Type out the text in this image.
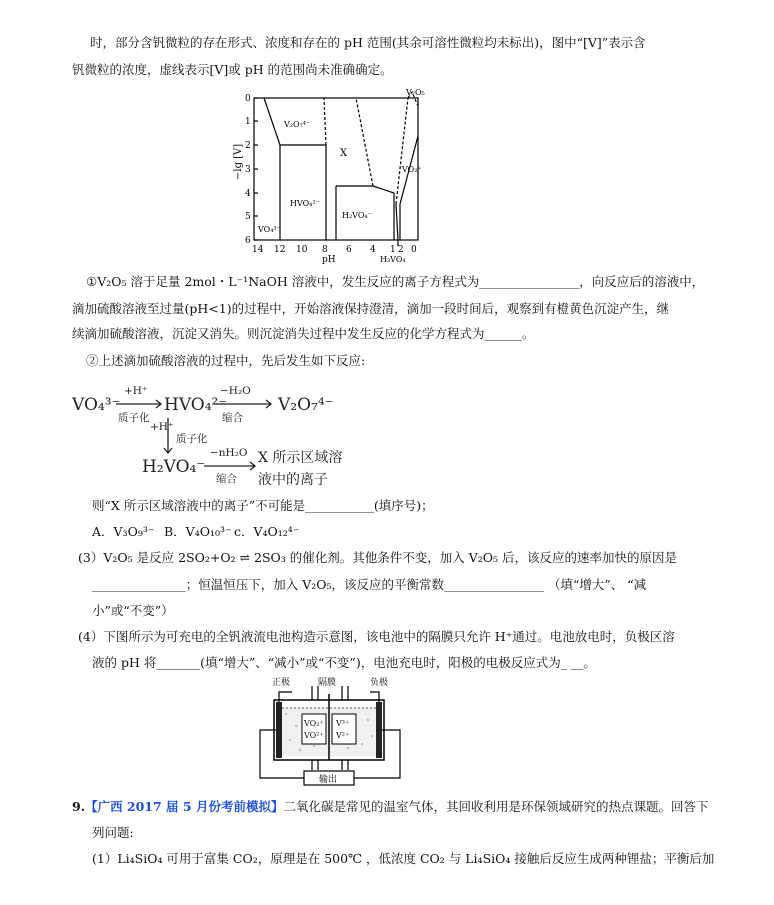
时，部分含钒微粒的存在形式、浓度和存在的 pH 范围(其余可溶性微粒均未标出)，图中“[V]”表示含
钒微粒的浓度，虚线表示[V]或 pH 的范围尚未准确确定。
−lg [V]
0
1
2
3
4
5
6
14 12 10 8 6 4 1 2 0
pH
V₂O₅
V₂O₇⁴⁻
X
VO₂⁺
HVO₄²⁻
H₂VO₄⁻
VO₄³⁻
H₃VO₄
①V₂O₅ 溶于足量 2mol・L⁻¹NaOH 溶液中，发生反应的离子方程式为________________，向反应后的溶液中，
滴加硫酸溶液至过量(pH<1)的过程中，开始溶液保持澄清，滴加一段时间后，观察到有橙黄色沉淀产生，继
续滴加硫酸溶液，沉淀又消失。则沉淀消失过程中发生反应的化学方程式为______。
②上述滴加硫酸溶液的过程中，先后发生如下反应:
VO₄³⁻	HVO₄²⁻	V₂O₇⁴⁻
H₂VO₄⁻
+H⁺
质子化
−H₂O
缩合
+H⁺
质子化
−nH₂O
缩合
X 所示区域溶
液中的离子
则“X 所示区域溶液中的离子”不可能是___________(填序号)；
A．V₃O₉³⁻ B．V₄O₁₀³⁻ c．V₄O₁₂⁴⁻
(3）V₂O₅ 是反应 2SO₂+O₂ ⇌ 2SO₃ 的催化剂。其他条件不变，加入 V₂O₅ 后，该反应的速率加快的原因是
_______________；恒温恒压下，加入 V₂O₅，该反应的平衡常数________________ （填“增大”、 “减
小”或“不变”）
(4）下图所示为可充电的全钒液流电池构造示意图，该电池中的隔膜只允许 H⁺通过。电池放电时，负极区溶
液的 pH 将_______(填“增大”、“减小”或“不变”)，电池充电时，阳极的电极反应式为_ __。
正极	隔膜	负极
VO₂⁺
VO²⁺
V³⁺
V²⁺
输出
9.【广西 2017 届 5 月份考前模拟】二氧化碳是常见的温室气体，其回收利用是环保领域研究的热点课题。回答下
列问题:
(1）Li₄SiO₄ 可用于富集 CO₂，原理是在 500℃ ，低浓度 CO₂ 与 Li₄SiO₄ 接触后反应生成两种锂盐；平衡后加
